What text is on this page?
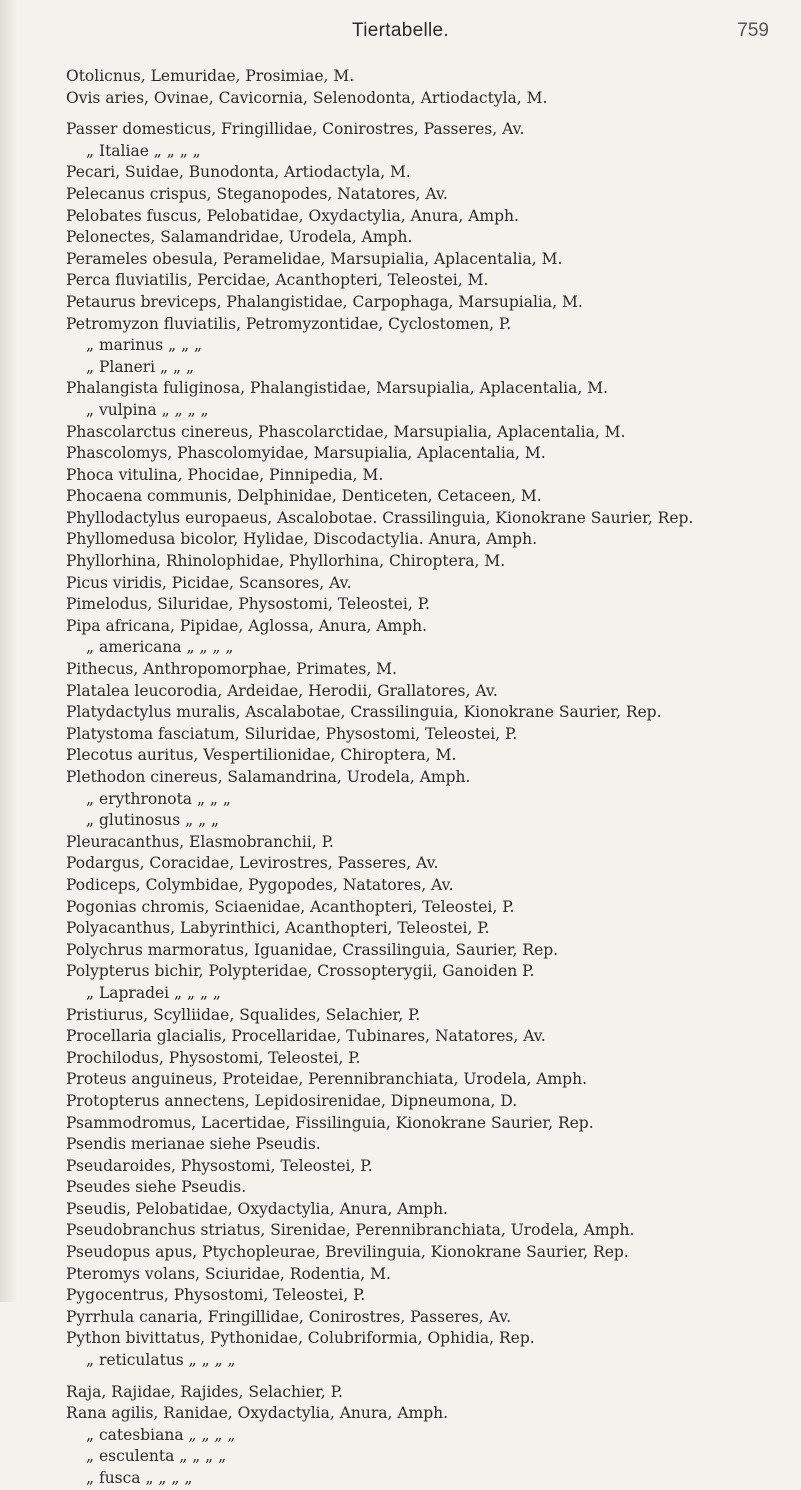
Tiertabelle.	759
Otolicnus, Lemuridae, Prosimiae, M.
Ovis aries, Ovinae, Cavicornia, Selenodonta, Artiodactyla, M.
Passer domesticus, Fringillidae, Conirostres, Passeres, Av.
„ Italiae „ „ „ „
Pecari, Suidae, Bunodonta, Artiodactyla, M.
Pelecanus crispus, Steganopodes, Natatores, Av.
Pelobates fuscus, Pelobatidae, Oxydactylia, Anura, Amph.
Pelonectes, Salamandridae, Urodela, Amph.
Perameles obesula, Peramelidae, Marsupialia, Aplacentalia, M.
Perca fluviatilis, Percidae, Acanthopteri, Teleostei, M.
Petaurus breviceps, Phalangistidae, Carpophaga, Marsupialia, M.
Petromyzon fluviatilis, Petromyzontidae, Cyclostomen, P.
„ marinus „ „ „
„ Planeri „ „ „
Phalangista fuliginosa, Phalangistidae, Marsupialia, Aplacentalia, M.
„ vulpina „ „ „ „
Phascolarctus cinereus, Phascolarctidae, Marsupialia, Aplacentalia, M.
Phascolomys, Phascolomyidae, Marsupialia, Aplacentalia, M.
Phoca vitulina, Phocidae, Pinnipedia, M.
Phocaena communis, Delphinidae, Denticeten, Cetaceen, M.
Phyllodactylus europaeus, Ascalobotae. Crassilinguia, Kionokrane Saurier, Rep.
Phyllomedusa bicolor, Hylidae, Discodactylia. Anura, Amph.
Phyllorhina, Rhinolophidae, Phyllorhina, Chiroptera, M.
Picus viridis, Picidae, Scansores, Av.
Pimelodus, Siluridae, Physostomi, Teleostei, P.
Pipa africana, Pipidae, Aglossa, Anura, Amph.
„ americana „ „ „ „
Pithecus, Anthropomorphae, Primates, M.
Platalea leucorodia, Ardeidae, Herodii, Grallatores, Av.
Platydactylus muralis, Ascalabotae, Crassilinguia, Kionokrane Saurier, Rep.
Platystoma fasciatum, Siluridae, Physostomi, Teleostei, P.
Plecotus auritus, Vespertilionidae, Chiroptera, M.
Plethodon cinereus, Salamandrina, Urodela, Amph.
„ erythronota „ „ „
„ glutinosus „ „ „
Pleuracanthus, Elasmobranchii, P.
Podargus, Coracidae, Levirostres, Passeres, Av.
Podiceps, Colymbidae, Pygopodes, Natatores, Av.
Pogonias chromis, Sciaenidae, Acanthopteri, Teleostei, P.
Polyacanthus, Labyrinthici, Acanthopteri, Teleostei, P.
Polychrus marmoratus, Iguanidae, Crassilinguia, Saurier, Rep.
Polypterus bichir, Polypteridae, Crossopterygii, Ganoiden P.
„ Lapradei „ „ „ „
Pristiurus, Scylliidae, Squalides, Selachier, P.
Procellaria glacialis, Procellaridae, Tubinares, Natatores, Av.
Prochilodus, Physostomi, Teleostei, P.
Proteus anguineus, Proteidae, Perennibranchiata, Urodela, Amph.
Protopterus annectens, Lepidosirenidae, Dipneumona, D.
Psammodromus, Lacertidae, Fissilinguia, Kionokrane Saurier, Rep.
Psendis merianae siehe Pseudis.
Pseudaroides, Physostomi, Teleostei, P.
Pseudes siehe Pseudis.
Pseudis, Pelobatidae, Oxydactylia, Anura, Amph.
Pseudobranchus striatus, Sirenidae, Perennibranchiata, Urodela, Amph.
Pseudopus apus, Ptychopleurae, Brevilinguia, Kionokrane Saurier, Rep.
Pteromys volans, Sciuridae, Rodentia, M.
Pygocentrus, Physostomi, Teleostei, P.
Pyrrhula canaria, Fringillidae, Conirostres, Passeres, Av.
Python bivittatus, Pythonidae, Colubriformia, Ophidia, Rep.
„ reticulatus „ „ „ „
Raja, Rajidae, Rajides, Selachier, P.
Rana agilis, Ranidae, Oxydactylia, Anura, Amph.
„ catesbiana „ „ „ „
„ esculenta „ „ „ „
„ fusca „ „ „ „
